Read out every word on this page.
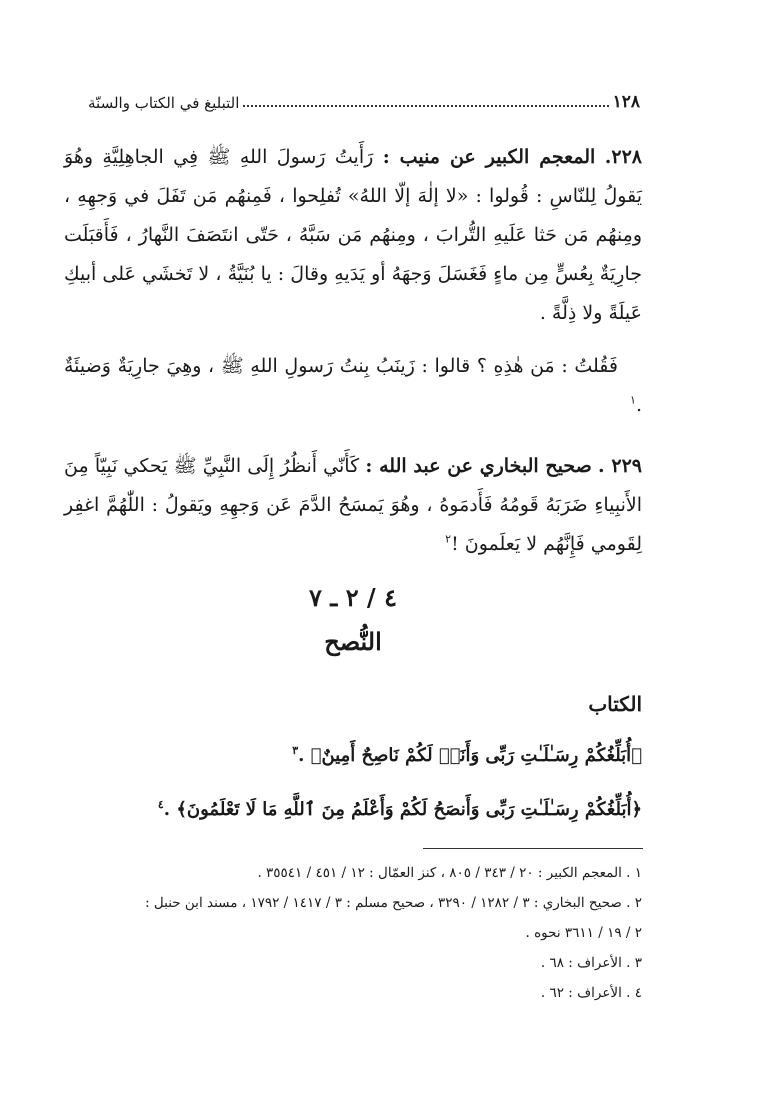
١٢٨
التبليغ في الكتاب والسنّة

٢٢٨. المعجم الكبير عن منيب : رَأَيتُ رَسولَ اللهِ ﷺ فِي الجاهِلِيَّةِ وهُوَ يَقولُ لِلنّاسِ : قُولوا : «لا إلٰهَ إلّا اللهُ» تُفلِحوا ، فَمِنهُم مَن تَفَلَ في وَجهِهِ ، ومِنهُم مَن حَثا عَلَيهِ التُّرابَ ، ومِنهُم مَن سَبَّهُ ، حَتّى انتَصَفَ النَّهارُ ، فَأَقبَلَت جارِيَةٌ بِعُسٍّ مِن ماءٍ فَغَسَلَ وَجهَهُ أو يَدَيهِ وقالَ : يا بُنَيَّةُ ، لا تَخشَي عَلى أبيكِ عَيلَةً ولا ذِلَّةً .

فَقُلتُ : مَن هٰذِهِ ؟ قالوا : زَينَبُ بِنتُ رَسولِ اللهِ ﷺ ، وهِيَ جارِيَةٌ وَضيئَةٌ .$^١$

٢٢٩ . صحيح البخاري عن عبد الله : كَأَنّي أَنظُرُ إِلَى النَّبِيِّ ﷺ يَحكي نَبِيّاً مِنَ الأَنبِياءِ ضَرَبَهُ قَومُهُ فَأَدمَوهُ ، وهُوَ يَمسَحُ الدَّمَ عَن وَجهِهِ ويَقولُ : اللّٰهُمَّ اغفِر لِقَومي فَإِنَّهُم لا يَعلَمونَ !$^٢$

٤ / ٢ ـ ٧
النُّصح
الكتاب
﴿أُبَلِّغُكُمْ رِسَـٰلَـٰتِ رَبِّى وَأَنَا۠ لَكُمْ نَاصِحٌ أَمِينٌ﴾ .$^٣$
﴿أُبَلِّغُكُمْ رِسَـٰلَـٰتِ رَبِّى وَأَنصَحُ لَكُمْ وَأَعْلَمُ مِنَ ٱللَّهِ مَا لَا تَعْلَمُونَ﴾ .$^٤$

١ . المعجم الكبير : ٢٠ / ٣٤٣ / ٨٠٥ ، كنز العمّال : ١٢ / ٤٥١ / ٣٥٥٤١ .

٢ . صحيح البخاري : ٣ / ١٢٨٢ / ٣٢٩٠ ، صحيح مسلم : ٣ / ١٤١٧ / ١٧٩٢ ، مسند ابن حنبل :

٢ / ١٩ / ٣٦١١ نحوه .

٣ . الأعراف : ٦٨ .

٤ . الأعراف : ٦٢ .
